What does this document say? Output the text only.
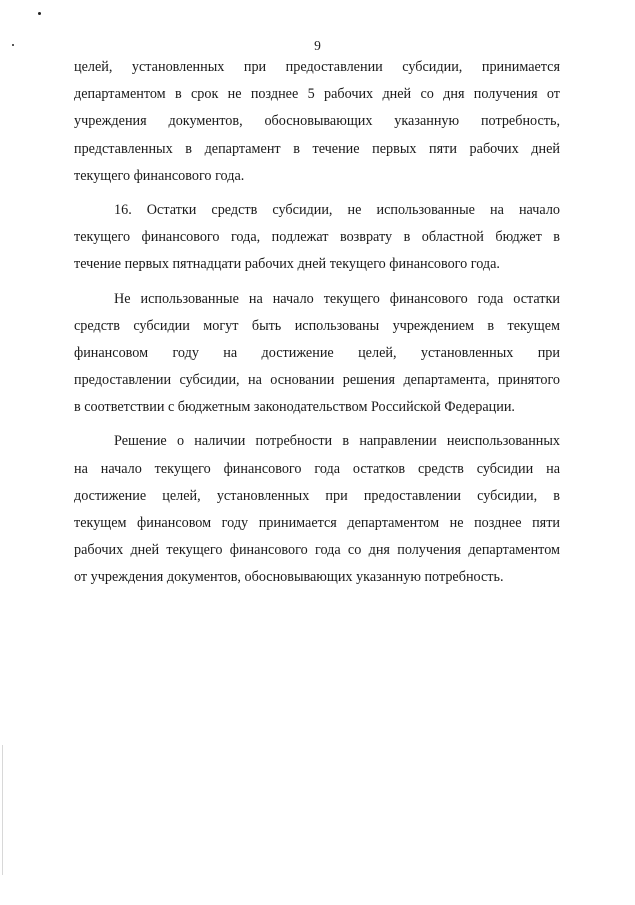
9
целей, установленных при предоставлении субсидии, принимается
департаментом в срок не позднее 5 рабочих дней со дня получения от
учреждения документов, обосновывающих указанную потребность,
представленных в департамент в течение первых пяти рабочих дней
текущего финансового года.
16. Остатки средств субсидии, не использованные на начало
текущего финансового года, подлежат возврату в областной бюджет в
течение первых пятнадцати рабочих дней текущего финансового года.
Не использованные на начало текущего финансового года остатки
средств субсидии могут быть использованы учреждением в текущем
финансовом году на достижение целей, установленных при
предоставлении субсидии, на основании решения департамента, принятого
в соответствии с бюджетным законодательством Российской Федерации.
Решение о наличии потребности в направлении неиспользованных
на начало текущего финансового года остатков средств субсидии на
достижение целей, установленных при предоставлении субсидии, в
текущем финансовом году принимается департаментом не позднее пяти
рабочих дней текущего финансового года со дня получения департаментом
от учреждения документов, обосновывающих указанную потребность.
